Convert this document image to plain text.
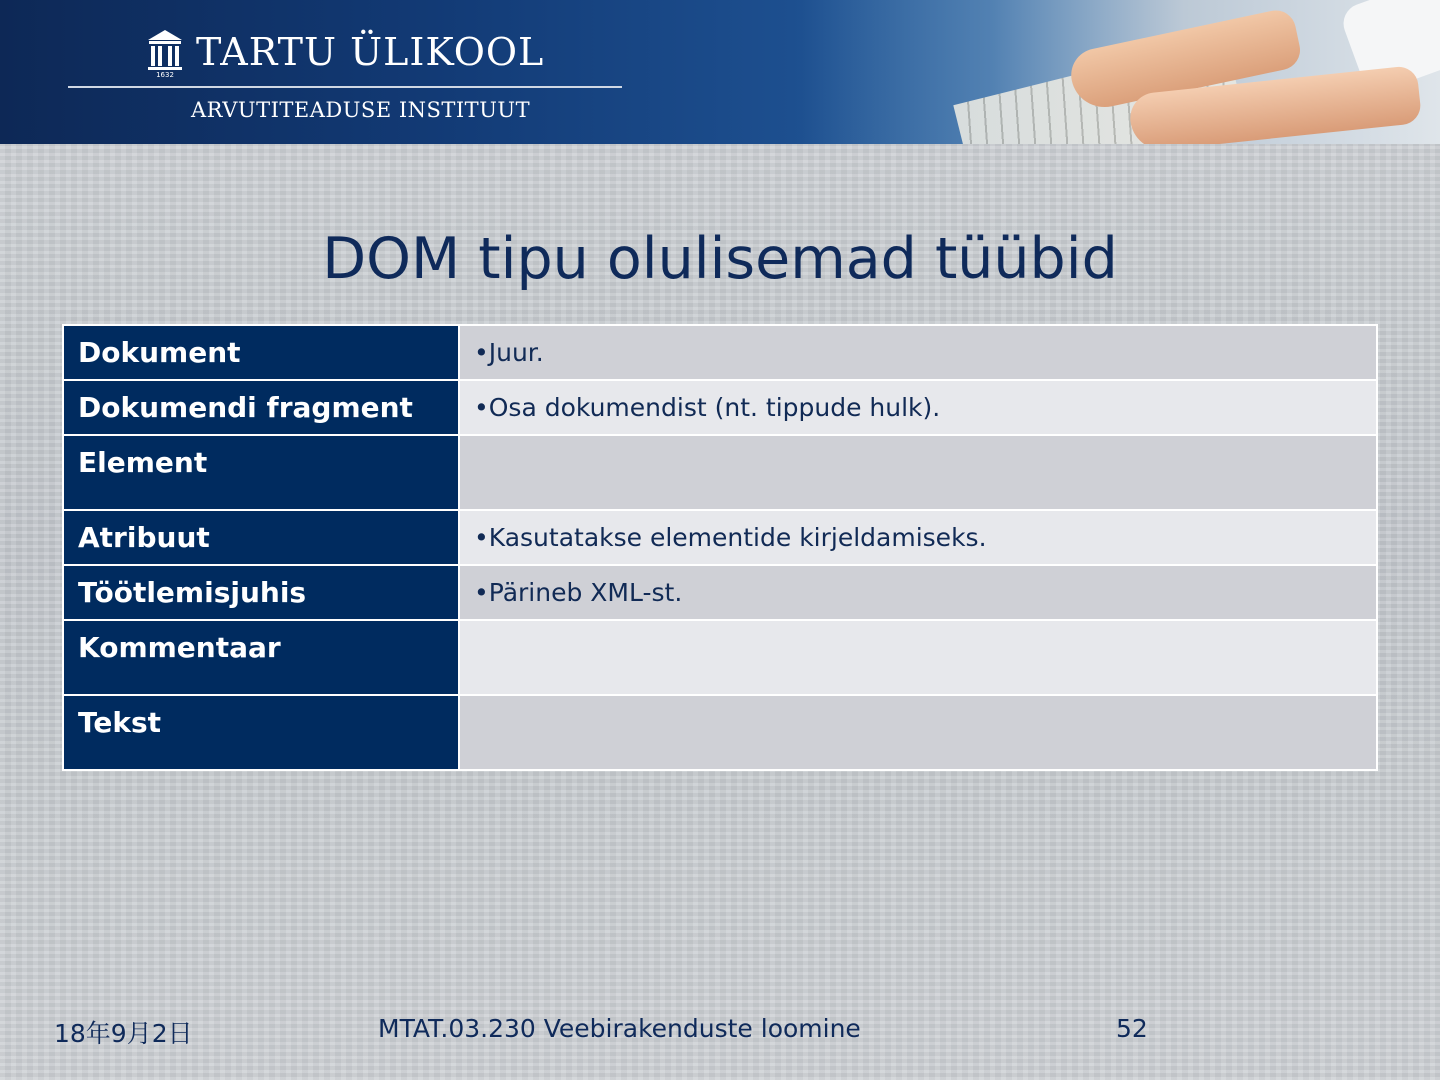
1632
TARTU ÜLIKOOL
ARVUTITEADUSE INSTITUUT
DOM tipu olulisemad tüübid
Dokument	•Juur.
Dokumendi fragment	•Osa dokumendist (nt. tippude hulk).
Element	
Atribuut	•Kasutatakse elementide kirjeldamiseks.
Töötlemisjuhis	•Pärineb XML-st.
Kommentaar	
Tekst	
18年9月2日	MTAT.03.230 Veebirakenduste loomine	52
